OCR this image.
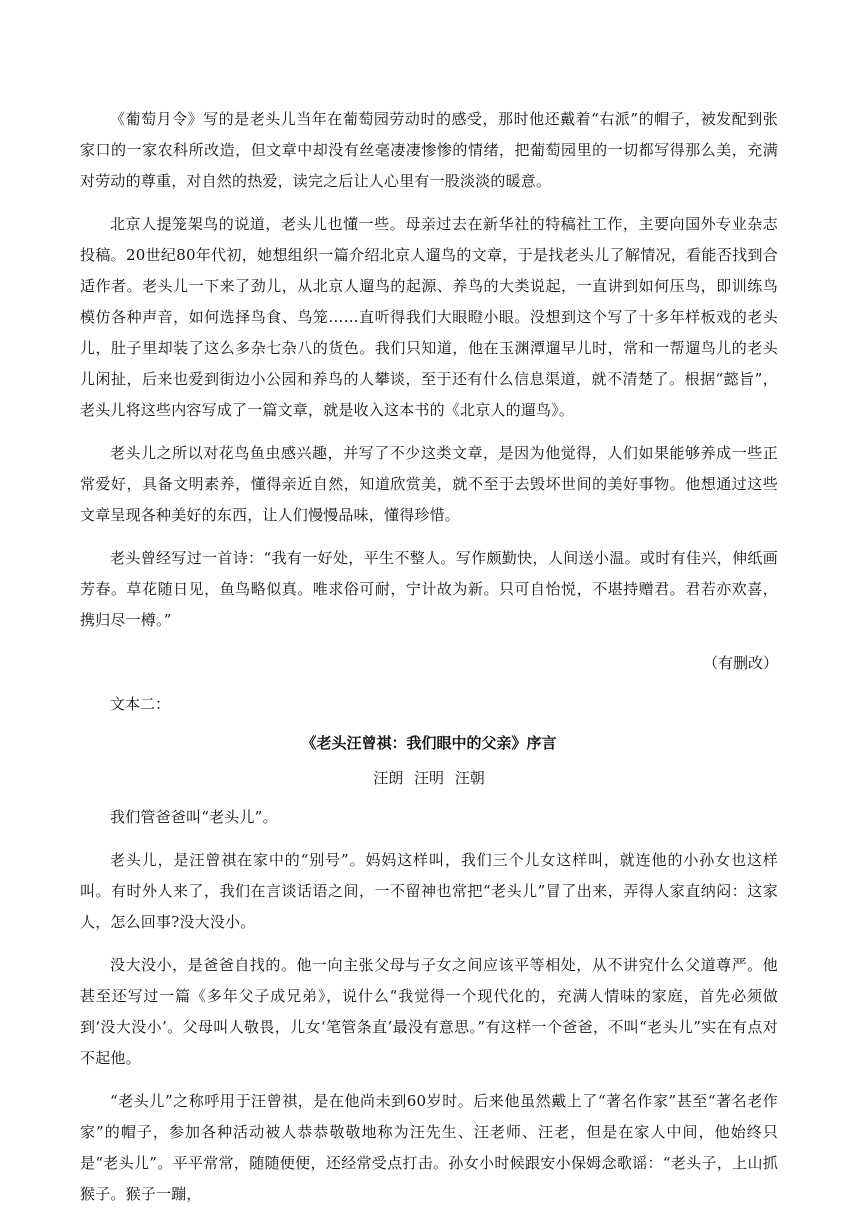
《葡萄月令》写的是老头儿当年在葡萄园劳动时的感受，那时他还戴着“右派”的帽子，被发配到张家口的一家农科所改造，但文章中却没有丝毫凄凄惨惨的情绪，把葡萄园里的一切都写得那么美，充满对劳动的尊重，对自然的热爱，读完之后让人心里有一股淡淡的暖意。

北京人提笼架鸟的说道，老头儿也懂一些。母亲过去在新华社的特稿社工作，主要向国外专业杂志投稿。20世纪80年代初，她想组织一篇介绍北京人遛鸟的文章，于是找老头儿了解情况，看能否找到合适作者。老头儿一下来了劲儿，从北京人遛鸟的起源、养鸟的大类说起，一直讲到如何压鸟，即训练鸟模仿各种声音，如何选择鸟食、鸟笼……直听得我们大眼瞪小眼。没想到这个写了十多年样板戏的老头儿，肚子里却装了这么多杂七杂八的货色。我们只知道，他在玉渊潭遛早儿时，常和一帮遛鸟儿的老头儿闲扯，后来也爱到街边小公园和养鸟的人攀谈，至于还有什么信息渠道，就不清楚了。根据“懿旨”，老头儿将这些内容写成了一篇文章，就是收入这本书的《北京人的遛鸟》。

老头儿之所以对花鸟鱼虫感兴趣，并写了不少这类文章，是因为他觉得，人们如果能够养成一些正常爱好，具备文明素养，懂得亲近自然，知道欣赏美，就不至于去毁坏世间的美好事物。他想通过这些文章呈现各种美好的东西，让人们慢慢品味，懂得珍惜。

老头曾经写过一首诗：“我有一好处，平生不整人。写作颇勤快，人间送小温。或时有佳兴，伸纸画芳春。草花随日见，鱼鸟略似真。唯求俗可耐，宁计故为新。只可自怡悦，不堪持赠君。君若亦欢喜，携归尽一樽。”

（有删改）

文本二：

《老头汪曾祺：我们眼中的父亲》序言

汪朗 汪明 汪朝

我们管爸爸叫“老头儿”。

老头儿，是汪曾祺在家中的“别号”。妈妈这样叫，我们三个儿女这样叫，就连他的小孙女也这样叫。有时外人来了，我们在言谈话语之间，一不留神也常把“老头儿”冒了出来，弄得人家直纳闷：这家人，怎么回事?没大没小。

没大没小，是爸爸自找的。他一向主张父母与子女之间应该平等相处，从不讲究什么父道尊严。他甚至还写过一篇《多年父子成兄弟》，说什么“我觉得一个现代化的，充满人情味的家庭，首先必须做到‘没大没小’。父母叫人敬畏，儿女‘笔管条直’最没有意思。”有这样一个爸爸，不叫“老头儿”实在有点对不起他。

“老头儿”之称呼用于汪曾祺，是在他尚未到60岁时。后来他虽然戴上了“著名作家”甚至“著名老作家”的帽子，参加各种活动被人恭恭敬敬地称为汪先生、汪老师、汪老，但是在家人中间，他始终只是“老头儿”。平平常常，随随便便，还经常受点打击。孙女小时候跟安小保姆念歌谣：“老头子，上山抓猴子。猴子一蹦，
